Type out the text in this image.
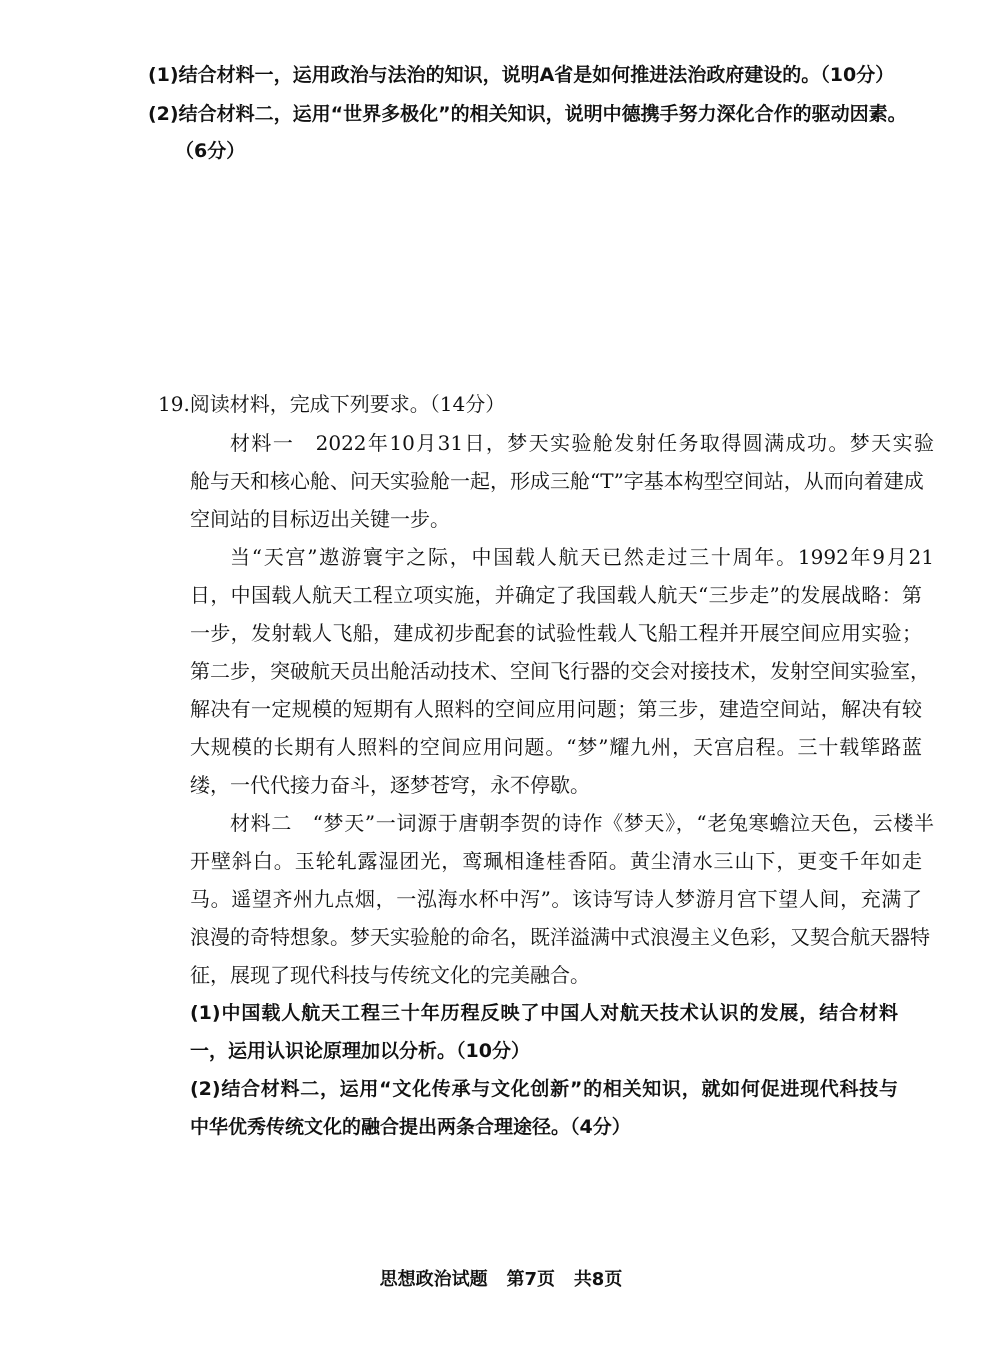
(1)结合材料一，运用政治与法治的知识，说明A省是如何推进法治政府建设的。（10分）
(2)结合材料二，运用“世界多极化”的相关知识，说明中德携手努力深化合作的驱动因素。
（6分）
19.阅读材料，完成下列要求。（14分）
材料一　2022年10月31日，梦天实验舱发射任务取得圆满成功。梦天实验
舱与天和核心舱、问天实验舱一起，形成三舱“T”字基本构型空间站，从而向着建成
空间站的目标迈出关键一步。
当“天宫”遨游寰宇之际，中国载人航天已然走过三十周年。1992年9月21
日，中国载人航天工程立项实施，并确定了我国载人航天“三步走”的发展战略：第
一步，发射载人飞船，建成初步配套的试验性载人飞船工程并开展空间应用实验；
第二步，突破航天员出舱活动技术、空间飞行器的交会对接技术，发射空间实验室，
解决有一定规模的短期有人照料的空间应用问题；第三步，建造空间站，解决有较
大规模的长期有人照料的空间应用问题。“梦”耀九州，天宫启程。三十载筚路蓝
缕，一代代接力奋斗，逐梦苍穹，永不停歇。
材料二　“梦天”一词源于唐朝李贺的诗作《梦天》，“老兔寒蟾泣天色，云楼半
开壁斜白。玉轮轧露湿团光，鸾珮相逢桂香陌。黄尘清水三山下，更变千年如走
马。遥望齐州九点烟，一泓海水杯中泻”。该诗写诗人梦游月宫下望人间，充满了
浪漫的奇特想象。梦天实验舱的命名，既洋溢满中式浪漫主义色彩，又契合航天器特
征，展现了现代科技与传统文化的完美融合。
(1)中国载人航天工程三十年历程反映了中国人对航天技术认识的发展，结合材料
一，运用认识论原理加以分析。（10分）
(2)结合材料二，运用“文化传承与文化创新”的相关知识，就如何促进现代科技与
中华优秀传统文化的融合提出两条合理途径。（4分）
思想政治试题 第7页 共8页
